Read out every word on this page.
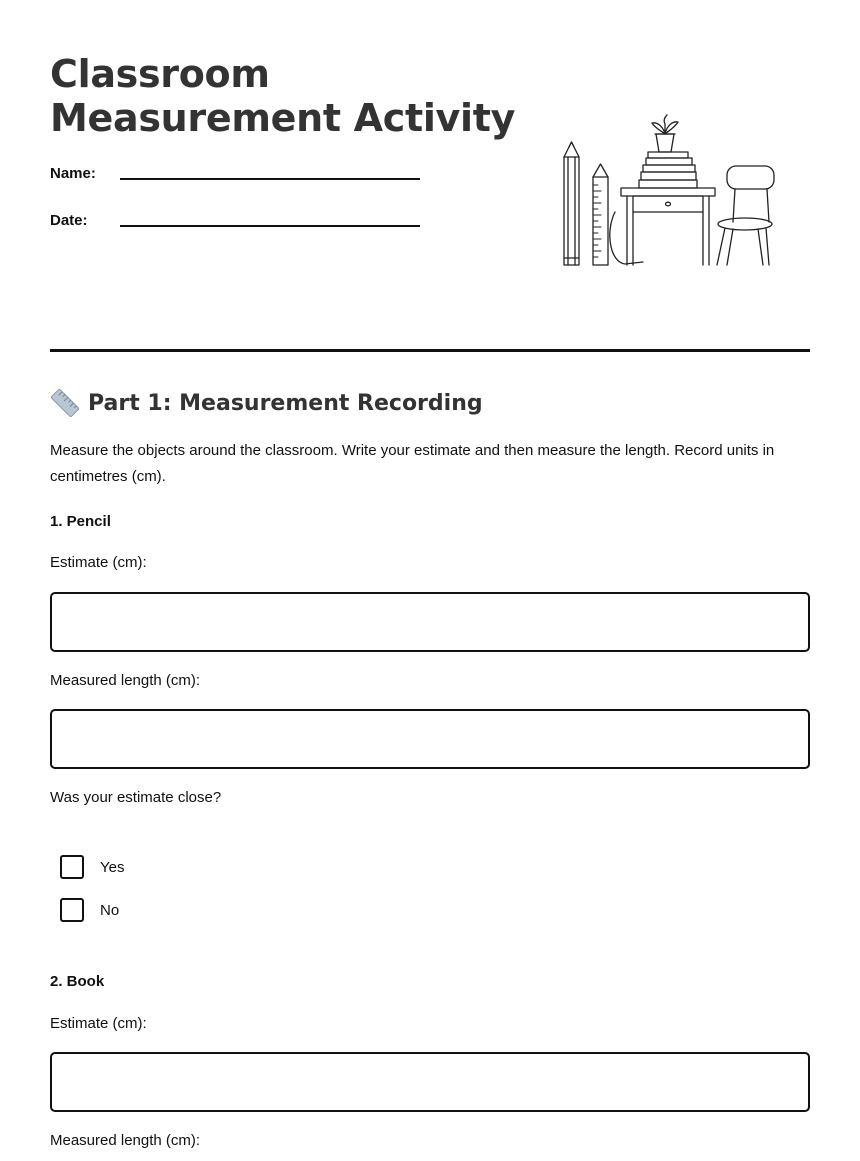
Classroom
Measurement Activity
Name:
Date:
Part 1: Measurement Recording

Measure the objects around the classroom. Write your estimate and then measure the length. Record units in centimetres (cm).

1. Pencil
Estimate (cm):
Measured length (cm):
Was your estimate close?
Yes
No
2. Book
Estimate (cm):
Measured length (cm):
